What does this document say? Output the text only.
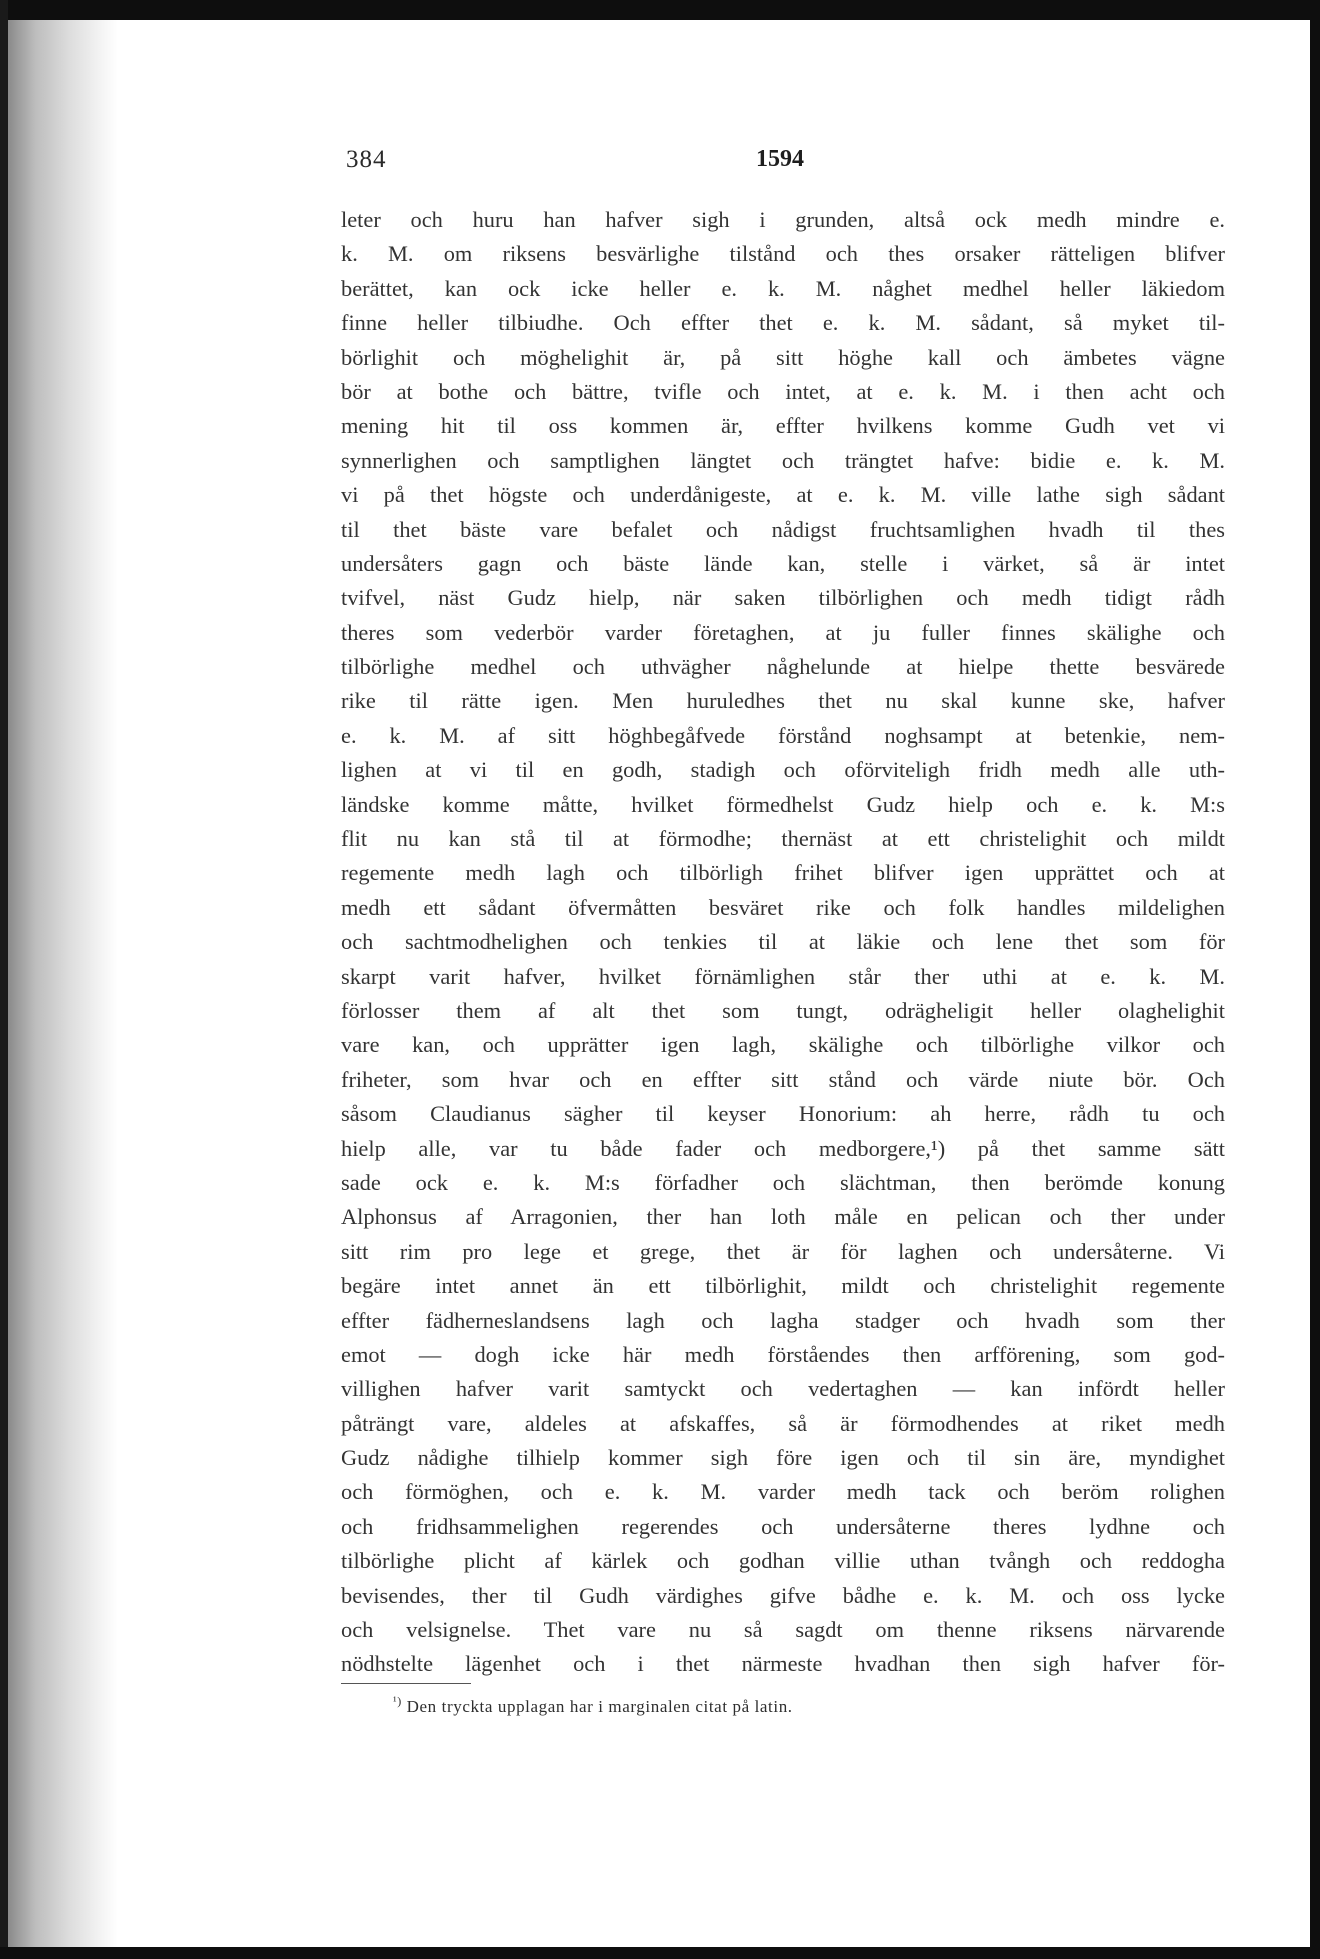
384	1594
leter och huru han hafver sigh i grunden, altså ock medh mindre e.
k. M. om riksens besvärlighe tilstånd och thes orsaker rätteligen blifver
berättet, kan ock icke heller e. k. M. någhet medhel heller läkiedom
finne heller tilbiudhe. Och effter thet e. k. M. sådant, så myket til-
börlighit och möghelighit är, på sitt höghe kall och ämbetes vägne
bör at bothe och bättre, tvifle och intet, at e. k. M. i then acht och
mening hit til oss kommen är, effter hvilkens komme Gudh vet vi
synnerlighen och samptlighen längtet och trängtet hafve: bidie e. k. M.
vi på thet högste och underdånigeste, at e. k. M. ville lathe sigh sådant
til thet bäste vare befalet och nådigst fruchtsamlighen hvadh til thes
undersåters gagn och bäste lände kan, stelle i värket, så är intet
tvifvel, näst Gudz hielp, när saken tilbörlighen och medh tidigt rådh
theres som vederbör varder företaghen, at ju fuller finnes skälighe och
tilbörlighe medhel och uthvägher någhelunde at hielpe thette besvärede
rike til rätte igen. Men huruledhes thet nu skal kunne ske, hafver
e. k. M. af sitt höghbegåfvede förstånd noghsampt at betenkie, nem-
lighen at vi til en godh, stadigh och oförviteligh fridh medh alle uth-
ländske komme måtte, hvilket förmedhelst Gudz hielp och e. k. M:s
flit nu kan stå til at förmodhe; thernäst at ett christelighit och mildt
regemente medh lagh och tilbörligh frihet blifver igen upprättet och at
medh ett sådant öfvermåtten besväret rike och folk handles mildelighen
och sachtmodhelighen och tenkies til at läkie och lene thet som för
skarpt varit hafver, hvilket förnämlighen står ther uthi at e. k. M.
förlosser them af alt thet som tungt, odrägheligit heller olaghelighit
vare kan, och upprätter igen lagh, skälighe och tilbörlighe vilkor och
friheter, som hvar och en effter sitt stånd och värde niute bör. Och
såsom Claudianus sägher til keyser Honorium: ah herre, rådh tu och
hielp alle, var tu både fader och medborgere,¹) på thet samme sätt
sade ock e. k. M:s förfadher och slächtman, then berömde konung
Alphonsus af Arragonien, ther han loth måle en pelican och ther under
sitt rim pro lege et grege, thet är för laghen och undersåterne. Vi
begäre intet annet än ett tilbörlighit, mildt och christelighit regemente
effter fädherneslandsens lagh och lagha stadger och hvadh som ther
emot — dogh icke här medh förståendes then arfförening, som god-
villighen hafver varit samtyckt och vedertaghen — kan infördt heller
påträngt vare, aldeles at afskaffes, så är förmodhendes at riket medh
Gudz nådighe tilhielp kommer sigh före igen och til sin äre, myndighet
och förmöghen, och e. k. M. varder medh tack och beröm rolighen
och fridhsammelighen regerendes och undersåterne theres lydhne och
tilbörlighe plicht af kärlek och godhan villie uthan tvångh och reddogha
bevisendes, ther til Gudh värdighes gifve bådhe e. k. M. och oss lycke
och velsignelse. Thet vare nu så sagdt om thenne riksens närvarende
nödhstelte lägenhet och i thet närmeste hvadhan then sigh hafver för-
$^{^1)}$ Den tryckta upplagan har i marginalen citat på latin.
